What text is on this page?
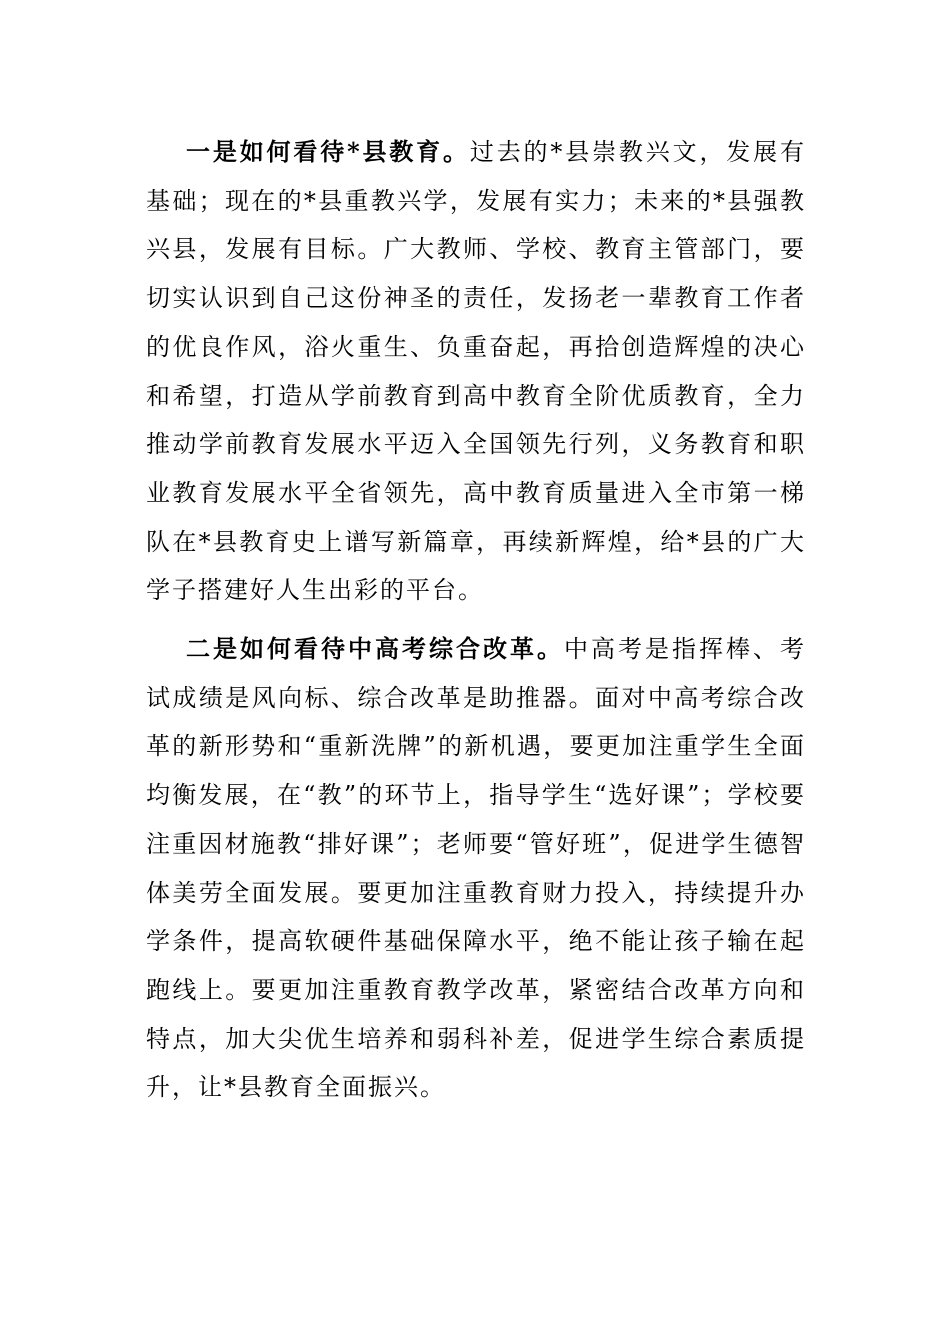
一是如何看待*县教育。过去的*县崇教兴文，发展有基础；现在的*县重教兴学，发展有实力；未来的*县强教兴县，发展有目标。广大教师、学校、教育主管部门，要切实认识到自己这份神圣的责任，发扬老一辈教育工作者的优良作风，浴火重生、负重奋起，再拾创造辉煌的决心和希望，打造从学前教育到高中教育全阶优质教育，全力推动学前教育发展水平迈入全国领先行列，义务教育和职业教育发展水平全省领先，高中教育质量进入全市第一梯队在*县教育史上谱写新篇章，再续新辉煌，给*县的广大学子搭建好人生出彩的平台。

二是如何看待中高考综合改革。中高考是指挥棒、考试成绩是风向标、综合改革是助推器。面对中高考综合改革的新形势和“重新洗牌”的新机遇，要更加注重学生全面均衡发展，在“教”的环节上，指导学生“选好课”；学校要注重因材施教“排好课”；老师要“管好班”，促进学生德智体美劳全面发展。要更加注重教育财力投入，持续提升办学条件，提高软硬件基础保障水平，绝不能让孩子输在起跑线上。要更加注重教育教学改革，紧密结合改革方向和特点，加大尖优生培养和弱科补差，促进学生综合素质提升，让*县教育全面振兴。
